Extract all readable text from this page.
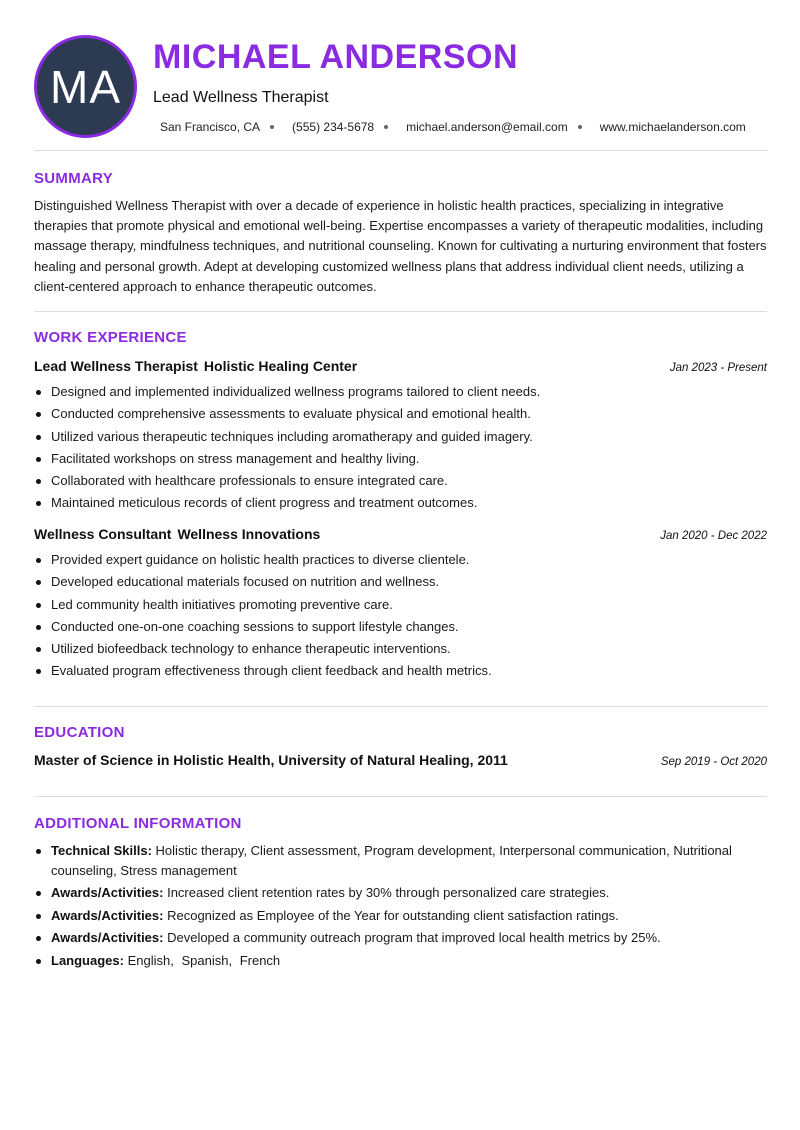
MA
MICHAEL ANDERSON
Lead Wellness Therapist
San Francisco, CA	(555) 234-5678	michael.anderson@email.com	www.michaelanderson.com
SUMMARY
Distinguished Wellness Therapist with over a decade of experience in holistic health practices, specializing in integrative therapies that promote physical and emotional well-being. Expertise encompasses a variety of therapeutic modalities, including massage therapy, mindfulness techniques, and nutritional counseling. Known for cultivating a nurturing environment that fosters healing and personal growth. Adept at developing customized wellness plans that address individual client needs, utilizing a client-centered approach to enhance therapeutic outcomes.
WORK EXPERIENCE
Lead Wellness Therapist Holistic Healing Center	Jan 2023 - Present
Designed and implemented individualized wellness programs tailored to client needs.
Conducted comprehensive assessments to evaluate physical and emotional health.
Utilized various therapeutic techniques including aromatherapy and guided imagery.
Facilitated workshops on stress management and healthy living.
Collaborated with healthcare professionals to ensure integrated care.
Maintained meticulous records of client progress and treatment outcomes.
Wellness Consultant Wellness Innovations	Jan 2020 - Dec 2022
Provided expert guidance on holistic health practices to diverse clientele.
Developed educational materials focused on nutrition and wellness.
Led community health initiatives promoting preventive care.
Conducted one-on-one coaching sessions to support lifestyle changes.
Utilized biofeedback technology to enhance therapeutic interventions.
Evaluated program effectiveness through client feedback and health metrics.
EDUCATION
Master of Science in Holistic Health, University of Natural Healing, 2011	Sep 2019 - Oct 2020
ADDITIONAL INFORMATION
Technical Skills: Holistic therapy, Client assessment, Program development, Interpersonal communication, Nutritional counseling, Stress management
Awards/Activities: Increased client retention rates by 30% through personalized care strategies.
Awards/Activities: Recognized as Employee of the Year for outstanding client satisfaction ratings.
Awards/Activities: Developed a community outreach program that improved local health metrics by 25%.
Languages: English, Spanish, French
